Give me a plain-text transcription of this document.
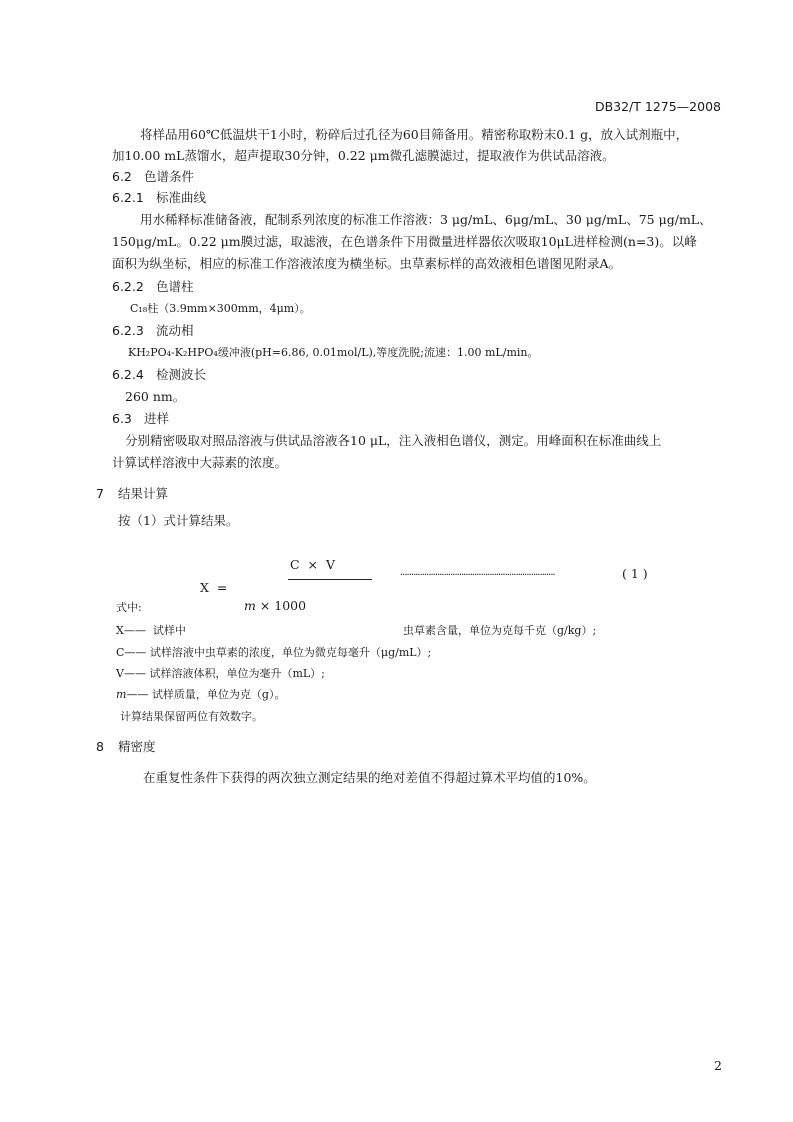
DB32/T 1275—2008
将样品用60℃低温烘干1小时，粉碎后过孔径为60目筛备用。精密称取粉末0.1 g，放入试剂瓶中，
加10.00 mL蒸馏水，超声提取30分钟，0.22 μm微孔滤膜滤过，提取液作为供试品溶液。
6.2 色谱条件
6.2.1 标准曲线
用水稀释标准储备液，配制系列浓度的标准工作溶液：3 μg/mL、6μg/mL、30 μg/mL、75 μg/mL、
150μg/mL。0.22 μm膜过滤，取滤液，在色谱条件下用微量进样器依次吸取10μL进样检测(n=3)。以峰
面积为纵坐标，相应的标准工作溶液浓度为横坐标。虫草素标样的高效液相色谱图见附录A。
6.2.2 色谱柱
C₁₈柱（3.9mm×300mm，4μm）。
6.2.3 流动相
KH₂PO₄-K₂HPO₄缓冲液(pH=6.86, 0.01mol/L),等度洗脱;流速：1.00 mL/min。
6.2.4 检测波长
260 nm。
6.3 进样
分别精密吸取对照品溶液与供试品溶液各10 μL，注入液相色谱仪，测定。用峰面积在标准曲线上
计算试样溶液中大蒜素的浓度。
7 结果计算
按（1）式计算结果。
C × V
X  =
m × 1000
·······································································	( 1 )
式中:
X—— 试样中	虫草素含量，单位为克每千克（g/kg）;
C—— 试样溶液中虫草素的浓度，单位为微克每毫升（μg/mL）;
V—— 试样溶液体积，单位为毫升（mL）;
m—— 试样质量，单位为克（g）。
计算结果保留两位有效数字。
8 精密度
在重复性条件下获得的两次独立测定结果的绝对差值不得超过算术平均值的10%。
2
